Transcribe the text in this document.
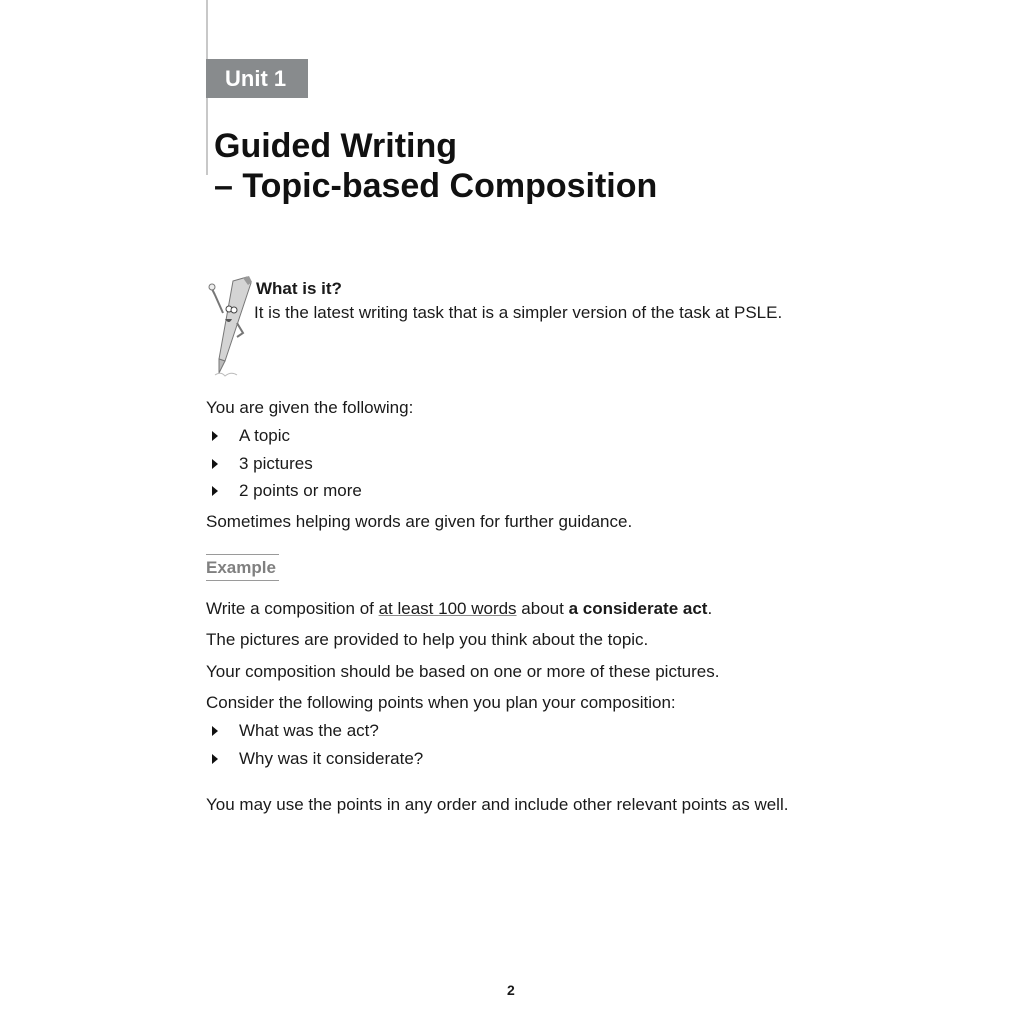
Unit 1
Guided Writing
– Topic-based Composition
What is it?
It is the latest writing task that is a simpler version of the task at PSLE.
You are given the following:
A topic
3 pictures
2 points or more
Sometimes helping words are given for further guidance.
Example
Write a composition of at least 100 words about a considerate act.
The pictures are provided to help you think about the topic.
Your composition should be based on one or more of these pictures.
Consider the following points when you plan your composition:
What was the act?
Why was it considerate?
You may use the points in any order and include other relevant points as well.
2
